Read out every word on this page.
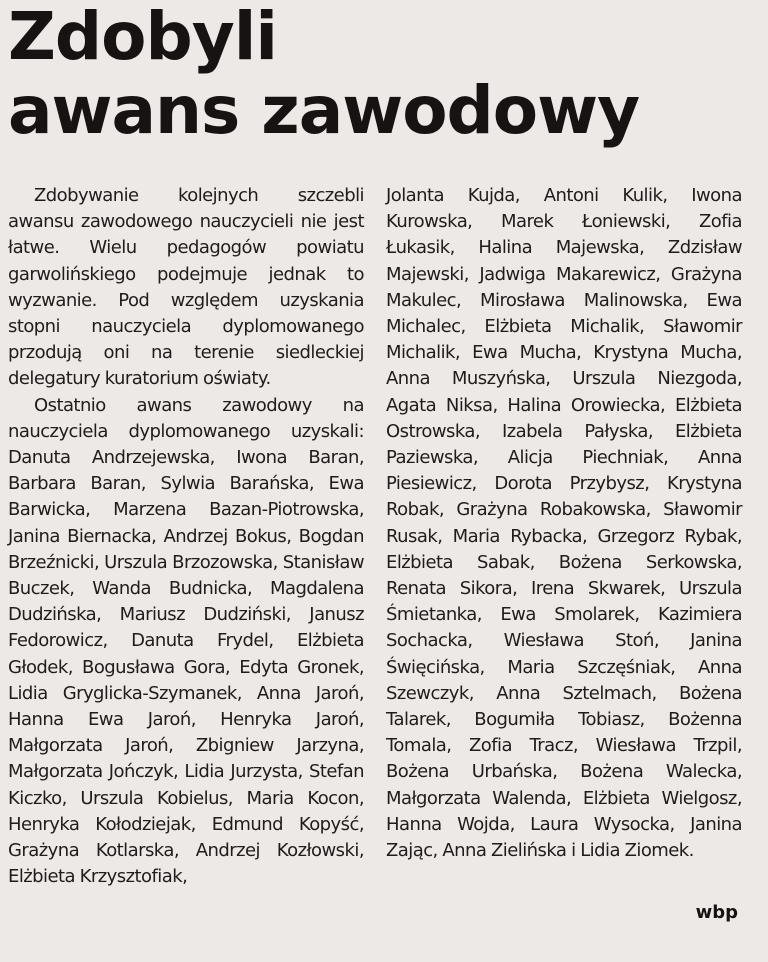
Zdobyli
awans zawodowy

Zdobywanie kolejnych szczebli awansu zawodowego nauczycieli nie jest łatwe. Wielu pedagogów powiatu garwolińskiego podejmuje jednak to wyzwanie. Pod względem uzyskania stopni nauczyciela dyplomowanego przodują oni na terenie siedleckiej delegatury kuratorium oświaty.

Ostatnio awans zawodowy na nauczyciela dyplomowanego uzyskali: Danuta Andrzejewska, Iwona Baran, Barbara Baran, Sylwia Barańska, Ewa Barwicka, Marzena Bazan-Piotrowska, Janina Biernacka, Andrzej Bokus, Bogdan Brzeźnicki, Urszula Brzozowska, Stanisław Buczek, Wanda Budnicka, Magdalena Dudzińska, Mariusz Dudziński, Janusz Fedorowicz, Danuta Frydel, Elżbieta Głodek, Bogusława Gora, Edyta Gronek, Lidia Gryglicka-Szymanek, Anna Jaroń, Hanna Ewa Jaroń, Henryka Jaroń, Małgorzata Jaroń, Zbigniew Jarzyna, Małgorzata Jończyk, Lidia Jurzysta, Stefan Kiczko, Urszula Kobielus, Maria Kocon, Henryka Kołodziejak, Edmund Kopyść, Grażyna Kotlarska, Andrzej Kozłowski, Elżbieta Krzysztofiak,

Jolanta Kujda, Antoni Kulik, Iwona Kurowska, Marek Łoniewski, Zofia Łukasik, Halina Majewska, Zdzisław Majewski, Jadwiga Makarewicz, Grażyna Makulec, Mirosława Malinowska, Ewa Michalec, Elżbieta Michalik, Sławomir Michalik, Ewa Mucha, Krystyna Mucha, Anna Muszyńska, Urszula Niezgoda, Agata Niksa, Halina Orowiecka, Elżbieta Ostrowska, Izabela Pałyska, Elżbieta Paziewska, Alicja Piechniak, Anna Piesiewicz, Dorota Przybysz, Krystyna Robak, Grażyna Robakowska, Sławomir Rusak, Maria Rybacka, Grzegorz Rybak, Elżbieta Sabak, Bożena Serkowska, Renata Sikora, Irena Skwarek, Urszula Śmietanka, Ewa Smolarek, Kazimiera Sochacka, Wiesława Stoń, Janina Święcińska, Maria Szczęśniak, Anna Szewczyk, Anna Sztelmach, Bożena Talarek, Bogumiła Tobiasz, Bożenna Tomala, Zofia Tracz, Wiesława Trzpil, Bożena Urbańska, Bożena Walecka, Małgorzata Walenda, Elżbieta Wielgosz, Hanna Wojda, Laura Wysocka, Janina Zając, Anna Zielińska i Lidia Ziomek.

wbp
